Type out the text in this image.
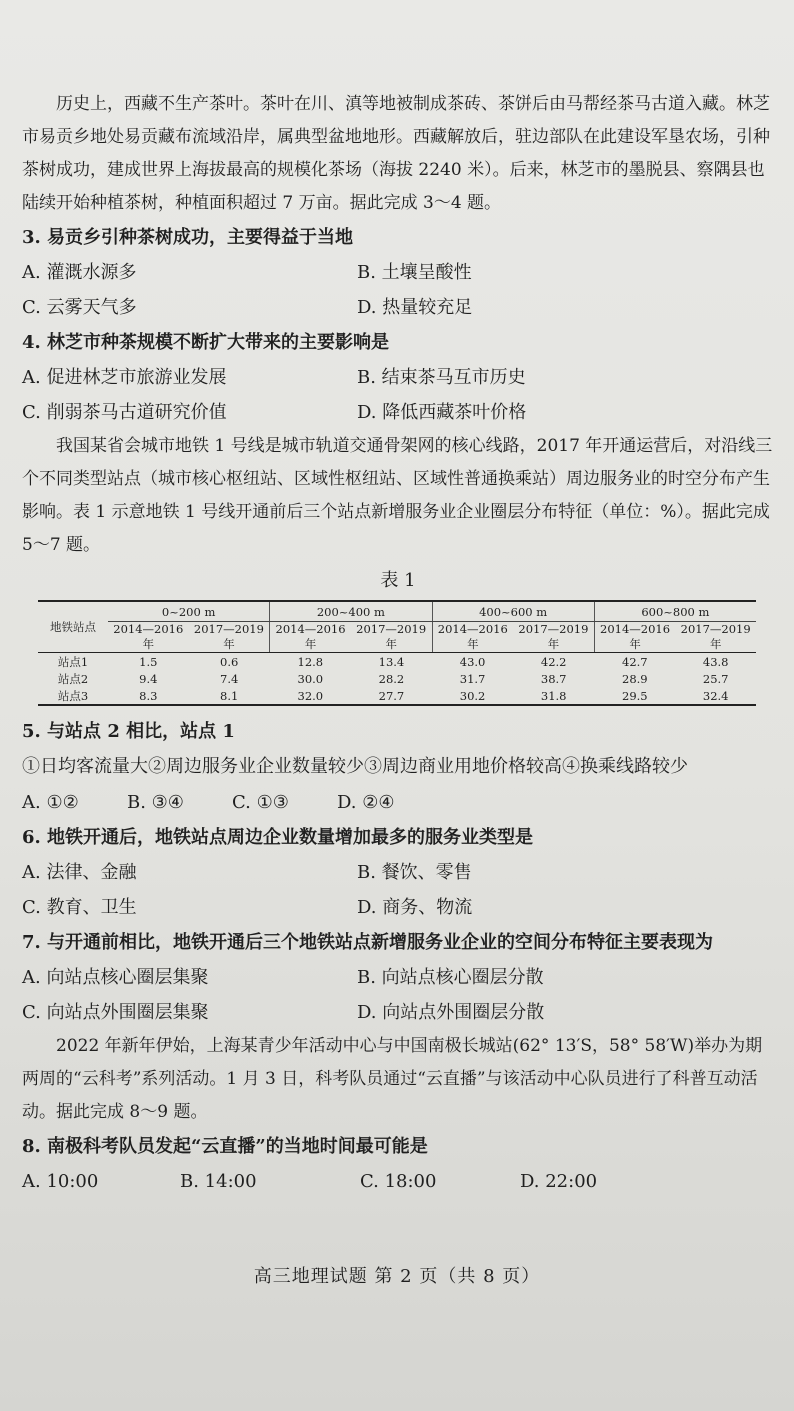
历史上，西藏不生产茶叶。茶叶在川、滇等地被制成茶砖、茶饼后由马帮经茶马古道入藏。林芝市易贡乡地处易贡藏布流域沿岸，属典型盆地地形。西藏解放后，驻边部队在此建设军垦农场，引种茶树成功，建成世界上海拔最高的规模化茶场（海拔 2240 米）。后来，林芝市的墨脱县、察隅县也陆续开始种植茶树，种植面积超过 7 万亩。据此完成 3～4 题。

3. 易贡乡引种茶树成功，主要得益于当地

A. 灌溉水源多	B. 土壤呈酸性
C. 云雾天气多	D. 热量较充足

4. 林芝市种茶规模不断扩大带来的主要影响是

A. 促进林芝市旅游业发展	B. 结束茶马互市历史
C. 削弱茶马古道研究价值	D. 降低西藏茶叶价格

我国某省会城市地铁 1 号线是城市轨道交通骨架网的核心线路，2017 年开通运营后，对沿线三个不同类型站点（城市核心枢纽站、区域性枢纽站、区域性普通换乘站）周边服务业的时空分布产生影响。表 1 示意地铁 1 号线开通前后三个站点新增服务业企业圈层分布特征（单位：%）。据此完成 5～7 题。

表 1
地铁站点	0~200 m		200~400 m		400~600 m		600~800 m	
	2014—2016年	2017—2019年	2014—2016年	2017—2019年	2014—2016年	2017—2019年	2014—2016年	2017—2019年
站点1	1.5	0.6	12.8	13.4	43.0	42.2	42.7	43.8
站点2	9.4	7.4	30.0	28.2	31.7	38.7	28.9	25.7
站点3	8.3	8.1	32.0	27.7	30.2	31.8	29.5	32.4

5. 与站点 2 相比，站点 1

①日均客流量大②周边服务业企业数量较少③周边商业用地价格较高④换乘线路较少

A. ①②	B. ③④	C. ①③	D. ②④

6. 地铁开通后，地铁站点周边企业数量增加最多的服务业类型是

A. 法律、金融	B. 餐饮、零售
C. 教育、卫生	D. 商务、物流

7. 与开通前相比，地铁开通后三个地铁站点新增服务业企业的空间分布特征主要表现为

A. 向站点核心圈层集聚	B. 向站点核心圈层分散
C. 向站点外围圈层集聚	D. 向站点外围圈层分散

2022 年新年伊始，上海某青少年活动中心与中国南极长城站(62° 13′S，58° 58′W)举办为期两周的“云科考”系列活动。1 月 3 日，科考队员通过“云直播”与该活动中心队员进行了科普互动活动。据此完成 8～9 题。

8. 南极科考队员发起“云直播”的当地时间最可能是

A. 10:00	B. 14:00	C. 18:00	D. 22:00
高三地理试题 第 2 页（共 8 页）
